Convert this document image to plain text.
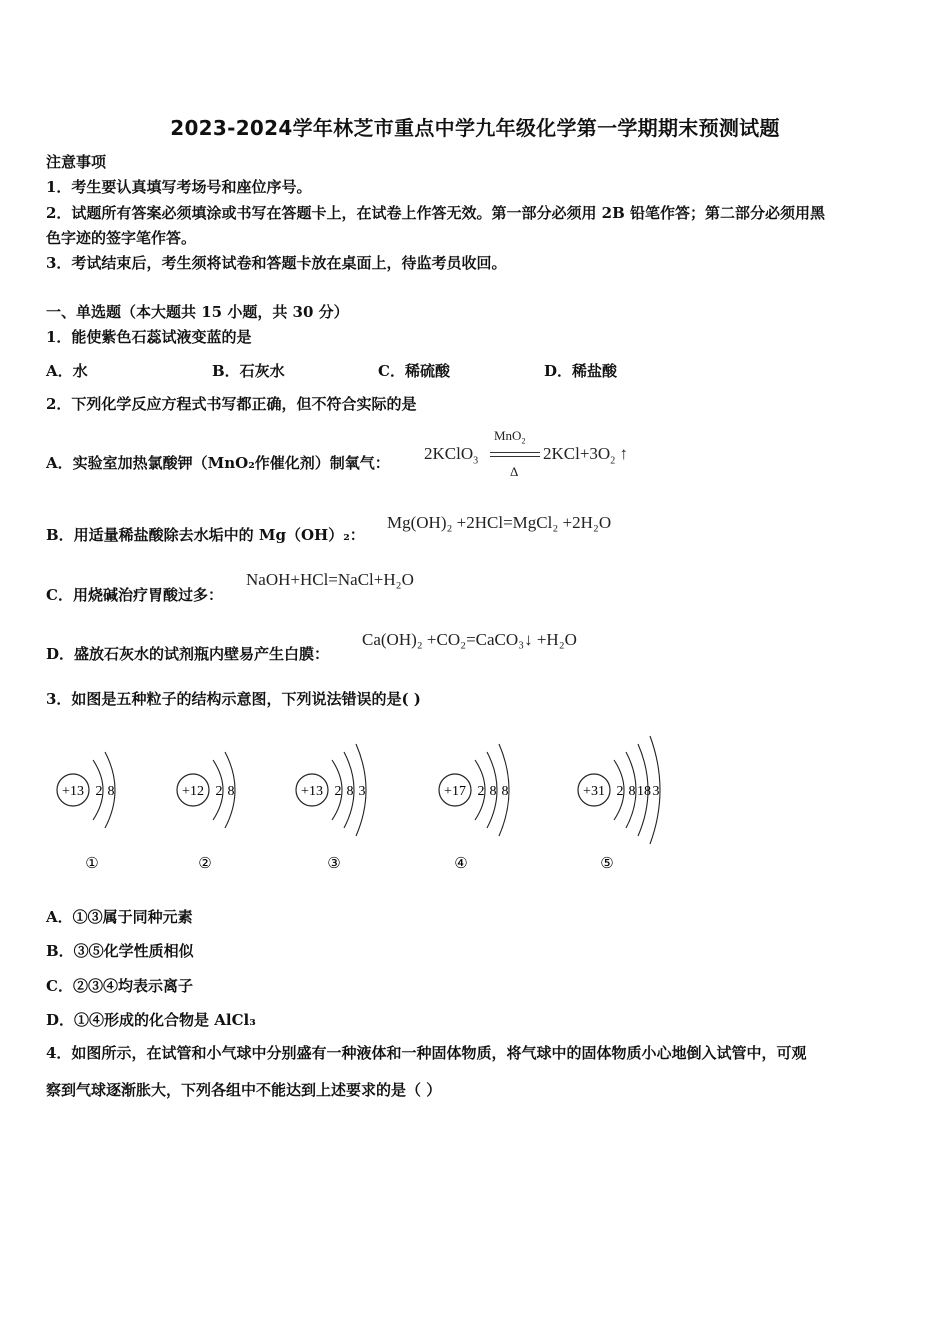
2023-2024学年林芝市重点中学九年级化学第一学期期末预测试题
注意事项
1．考生要认真填写考场号和座位序号。
2．试题所有答案必须填涂或书写在答题卡上，在试卷上作答无效。第一部分必须用 2B 铅笔作答；第二部分必须用黑
色字迹的签字笔作答。
3．考试结束后，考生须将试卷和答题卡放在桌面上，待监考员收回。
一、单选题（本大题共 15 小题，共 30 分）
1．能使紫色石蕊试液变蓝的是
A．水	B．石灰水	C．稀硫酸	D．稀盐酸
2．下列化学反应方程式书写都正确，但不符合实际的是
A．实验室加热氯酸钾（MnO₂作催化剂）制氧气： 2KClO$_3$
MnO$_2$
Δ
$2KCl+3O_2$ ↑
B．用适量稀盐酸除去水垢中的 Mg（OH）₂：
Mg(OH)₂ +2HCl=MgCl₂ +2H₂O
C．用烧碱治疗胃酸过多：
NaOH+HCl=NaCl+H₂O
D．盛放石灰水的试剂瓶内壁易产生白膜：
Ca(OH)₂ +CO₂=CaCO₃↓ +H₂O
3．如图是五种粒子的结构示意图，下列说法错误的是( )
+13 2 8
①
+12 2 8
②
+13 2 8 3
③
+17 2 8 8
④
+31 2 8 18 3
⑤
A．①③属于同种元素
B．③⑤化学性质相似
C．②③④均表示离子
D．①④形成的化合物是 AlCl₃
4．如图所示，在试管和小气球中分别盛有一种液体和一种固体物质，将气球中的固体物质小心地倒入试管中，可观
察到气球逐渐胀大，下列各组中不能达到上述要求的是（ ）
